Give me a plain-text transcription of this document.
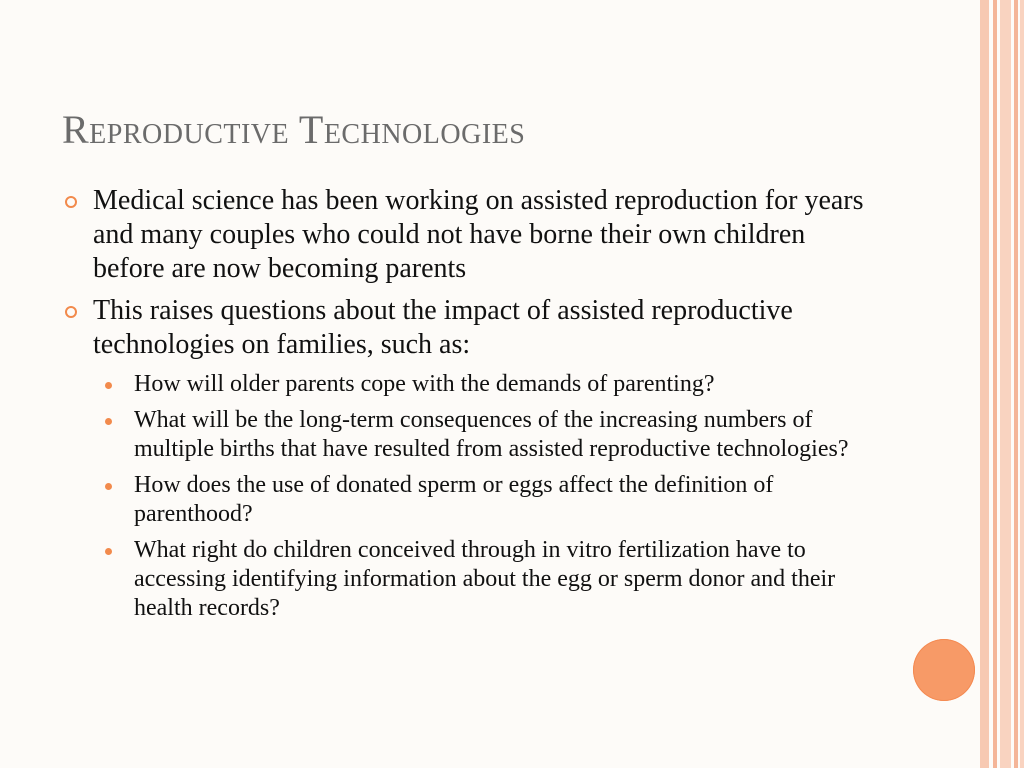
Reproductive Technologies
Medical science has been working on assisted reproduction for years and many couples who could not have borne their own children before are now becoming parents
This raises questions about the impact of assisted reproductive technologies on families, such as:
How will older parents cope with the demands of parenting?
What will be the long-term consequences of the increasing numbers of multiple births that have resulted from assisted reproductive technologies?
How does the use of donated sperm or eggs affect the definition of parenthood?
What right do children conceived through in vitro fertilization have to accessing identifying information about the egg or sperm donor and their health records?
